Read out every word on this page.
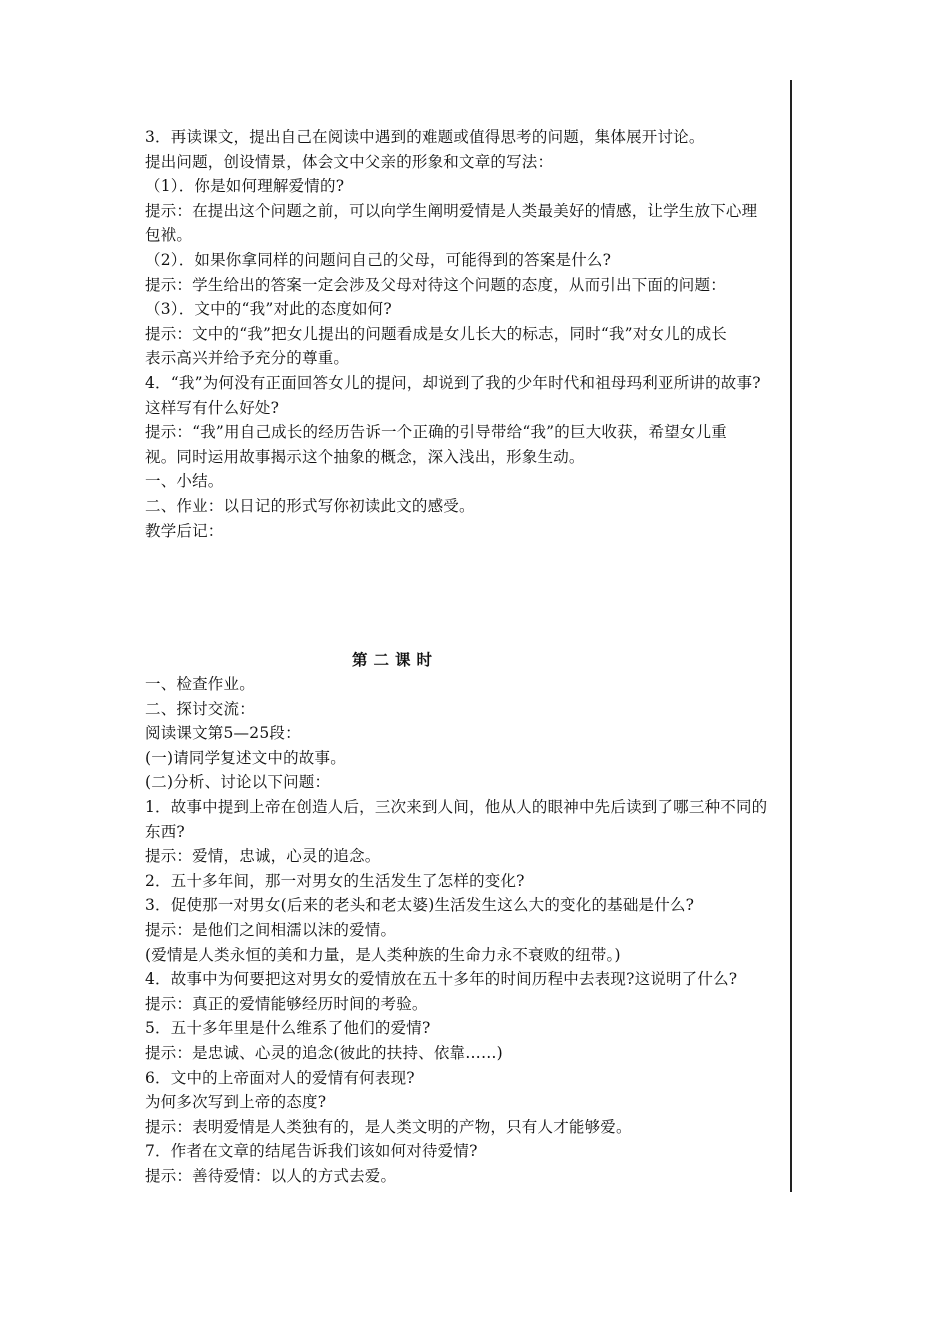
3．再读课文，提出自己在阅读中遇到的难题或值得思考的问题，集体展开讨论。
提出问题，创设情景，体会文中父亲的形象和文章的写法：
（1）．你是如何理解爱情的?
提示：在提出这个问题之前，可以向学生阐明爱情是人类最美好的情感，让学生放下心理
包袱。
（2）．如果你拿同样的问题问自己的父母，可能得到的答案是什么?
提示：学生给出的答案一定会涉及父母对待这个问题的态度，从而引出下面的问题：
（3）．文中的“我”对此的态度如何?
提示：文中的“我”把女儿提出的问题看成是女儿长大的标志，同时“我”对女儿的成长
表示高兴并给予充分的尊重。
4．“我”为何没有正面回答女儿的提问，却说到了我的少年时代和祖母玛利亚所讲的故事?
这样写有什么好处?
提示：“我”用自己成长的经历告诉一个正确的引导带给“我”的巨大收获，希望女儿重
视。同时运用故事揭示这个抽象的概念，深入浅出，形象生动。
一、小结。
二、作业：以日记的形式写你初读此文的感受。
教学后记：
第二课时
一、检查作业。
二、探讨交流：
阅读课文第5—25段：
(一)请同学复述文中的故事。
(二)分析、讨论以下问题：
1．故事中提到上帝在创造人后，三次来到人间，他从人的眼神中先后读到了哪三种不同的
东西?
提示：爱情，忠诚，心灵的追念。
2．五十多年间，那一对男女的生活发生了怎样的变化?
3．促使那一对男女(后来的老头和老太婆)生活发生这么大的变化的基础是什么?
提示：是他们之间相濡以沫的爱情。
(爱情是人类永恒的美和力量，是人类种族的生命力永不衰败的纽带。)
4．故事中为何要把这对男女的爱情放在五十多年的时间历程中去表现?这说明了什么?
提示：真正的爱情能够经历时间的考验。
5．五十多年里是什么维系了他们的爱情?
提示：是忠诚、心灵的追念(彼此的扶持、依靠……)
6．文中的上帝面对人的爱情有何表现?
为何多次写到上帝的态度?
提示：表明爱情是人类独有的，是人类文明的产物，只有人才能够爱。
7．作者在文章的结尾告诉我们该如何对待爱情?
提示：善待爱情：以人的方式去爱。
